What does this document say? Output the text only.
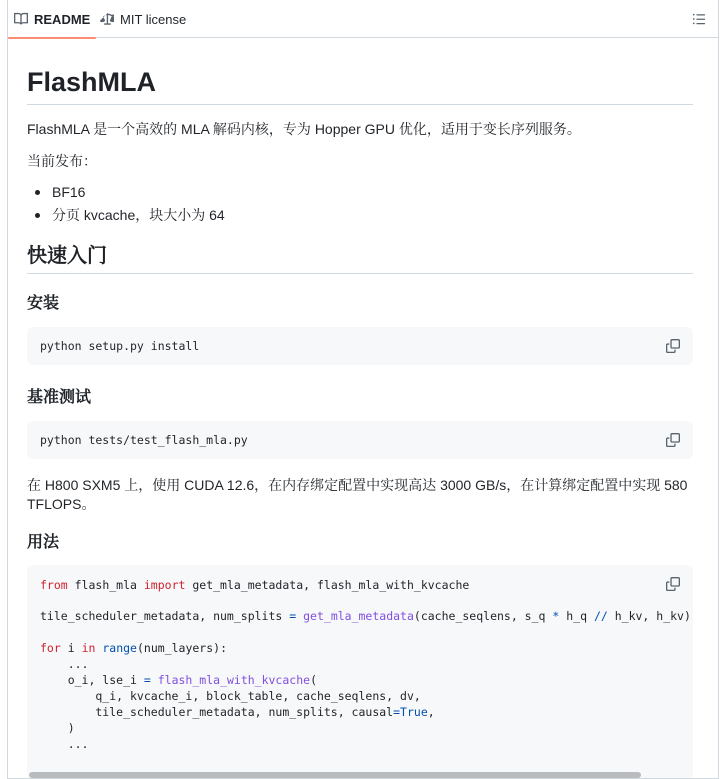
README MIT license
FlashMLA

FlashMLA 是一个高效的 MLA 解码内核，专为 Hopper GPU 优化，适用于变长序列服务。

当前发布：

BF16
分页 kvcache，块大小为 64
快速入门
安装
python setup.py install
基准测试
python tests/test_flash_mla.py

在 H800 SXM5 上，使用 CUDA 12.6，在内存绑定配置中实现高达 3000 GB/s，在计算绑定配置中实现 580

TFLOPS。

用法
from flash_mla import get_mla_metadata, flash_mla_with_kvcache
tile_scheduler_metadata, num_splits = get_mla_metadata(cache_seqlens, s_q * h_q // h_kv, h_kv)
for i in range(num_layers):
...
o_i, lse_i = flash_mla_with_kvcache(
q_i, kvcache_i, block_table, cache_seqlens, dv,
tile_scheduler_metadata, num_splits, causal=True,
)
...
